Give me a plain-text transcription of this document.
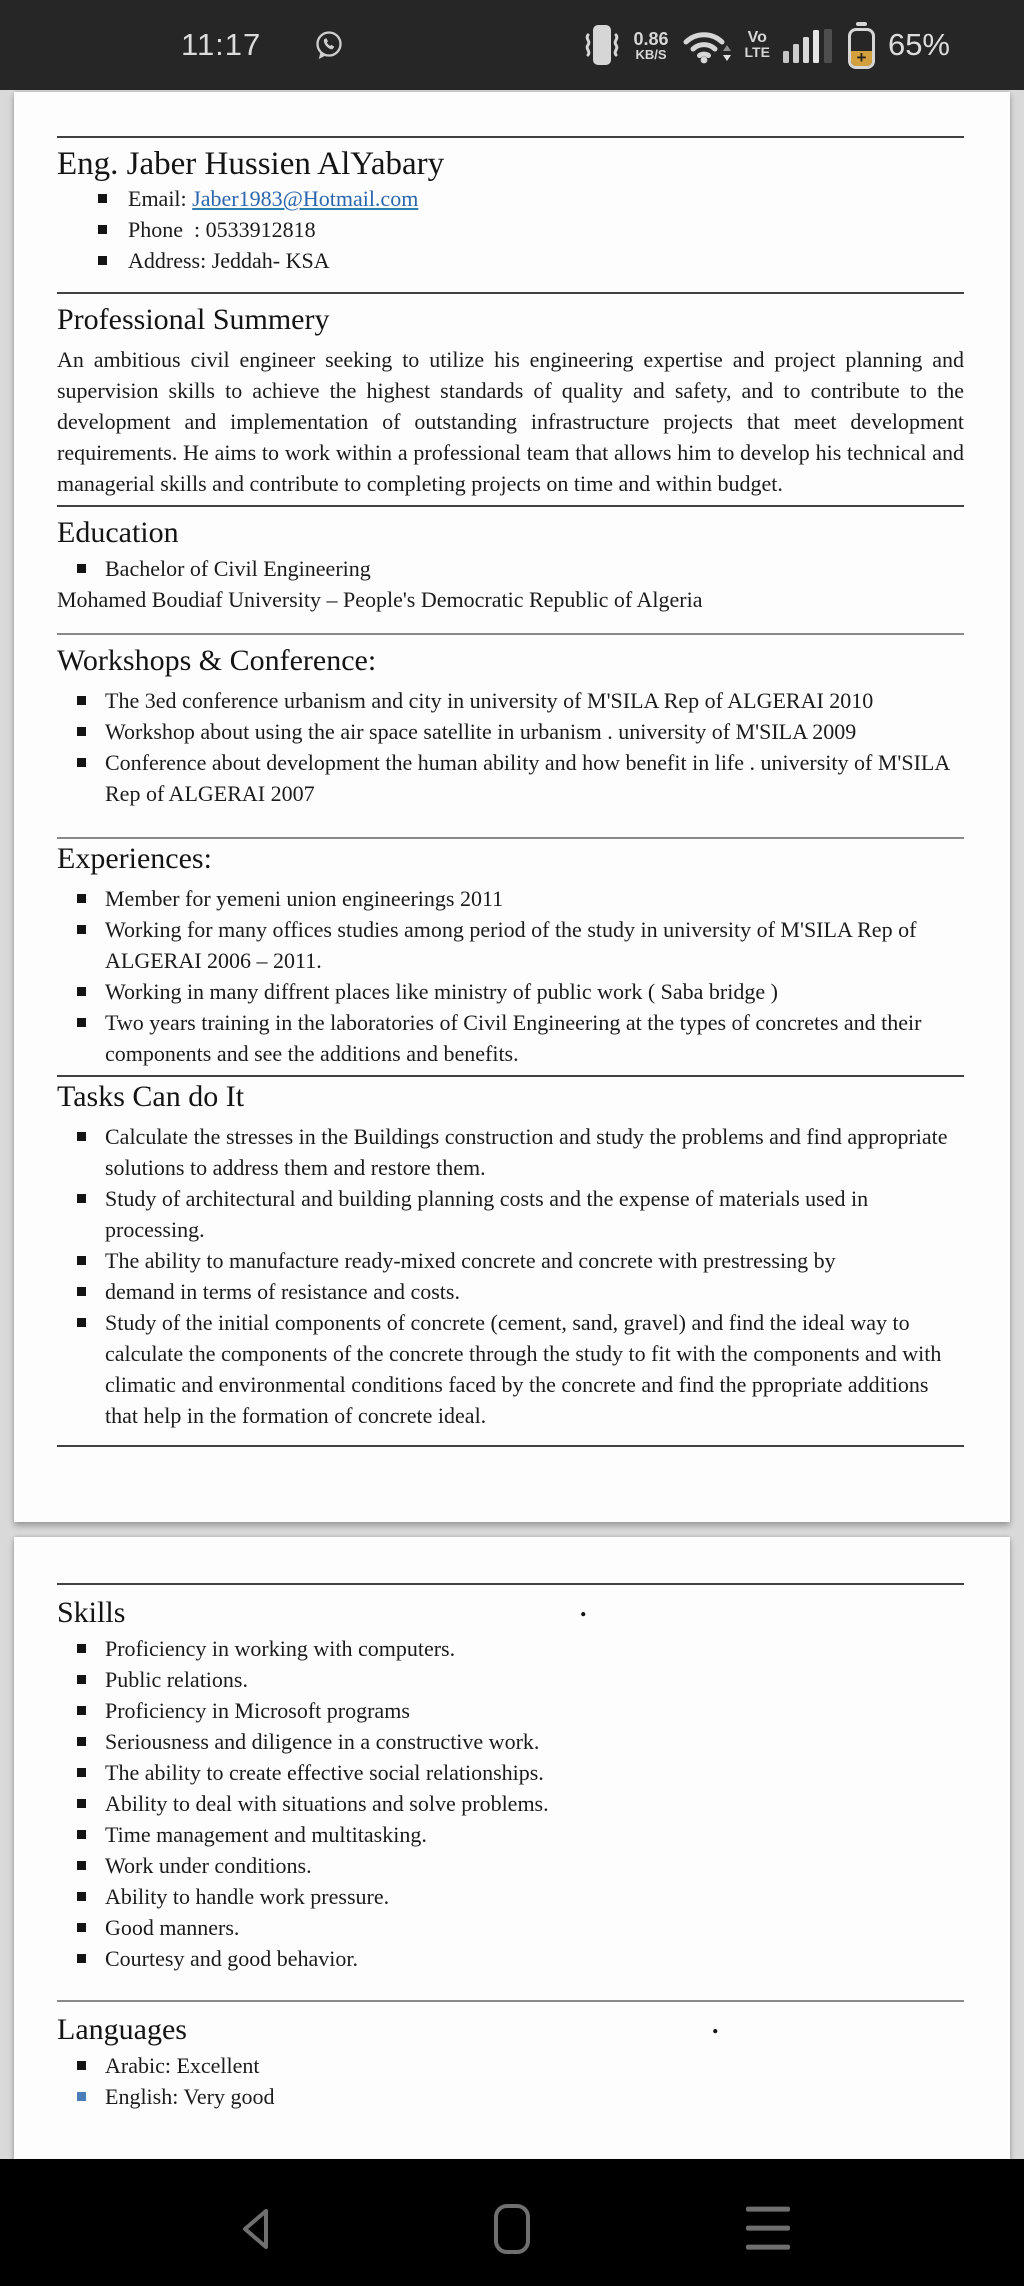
11:17	0.86
KB/S
Vo
LTE	+ 65%
Eng. Jaber Hussien AlYabary
Email: Jaber1983@Hotmail.com
Phone  : 0533912818
Address: Jeddah- KSA
Professional Summery
An ambitious civil engineer seeking to utilize his engineering expertise and project planning and supervision skills to achieve the highest standards of quality and safety, and to contribute to the development and implementation of outstanding infrastructure projects that meet development requirements. He aims to work within a professional team that allows him to develop his technical and managerial skills and contribute to completing projects on time and within budget.
Education
Bachelor of Civil Engineering
Mohamed Boudiaf University – People's Democratic Republic of Algeria
Workshops & Conference:
The 3ed conference urbanism and city in university of M'SILA Rep of ALGERAI 2010
Workshop about using the air space satellite in urbanism . university of M'SILA 2009
Conference about development the human ability and how benefit in life . university of M'SILA Rep of ALGERAI 2007
Experiences:
Member for yemeni union engineerings 2011
Working for many offices studies among period of the study in university of M'SILA Rep of ALGERAI 2006 – 2011.
Working in many diffrent places like ministry of public work ( Saba bridge )
Two years training in the laboratories of Civil Engineering at the types of concretes and their components and see the additions and benefits.
Tasks Can do It
Calculate the stresses in the Buildings construction and study the problems and find appropriate solutions to address them and restore them.
Study of architectural and building planning costs and the expense of materials used in processing.
The ability to manufacture ready-mixed concrete and concrete with prestressing by
demand in terms of resistance and costs.
Study of the initial components of concrete (cement, sand, gravel) and find the ideal way to calculate the components of the concrete through the study to fit with the components and with climatic and environmental conditions faced by the concrete and find the ppropriate additions that help in the formation of concrete ideal.
Skills	.
Proficiency in working with computers.
Public relations.
Proficiency in Microsoft programs
Seriousness and diligence in a constructive work.
The ability to create effective social relationships.
Ability to deal with situations and solve problems.
Time management and multitasking.
Work under conditions.
Ability to handle work pressure.
Good manners.
Courtesy and good behavior.
Languages	.
Arabic: Excellent
English: Very good
